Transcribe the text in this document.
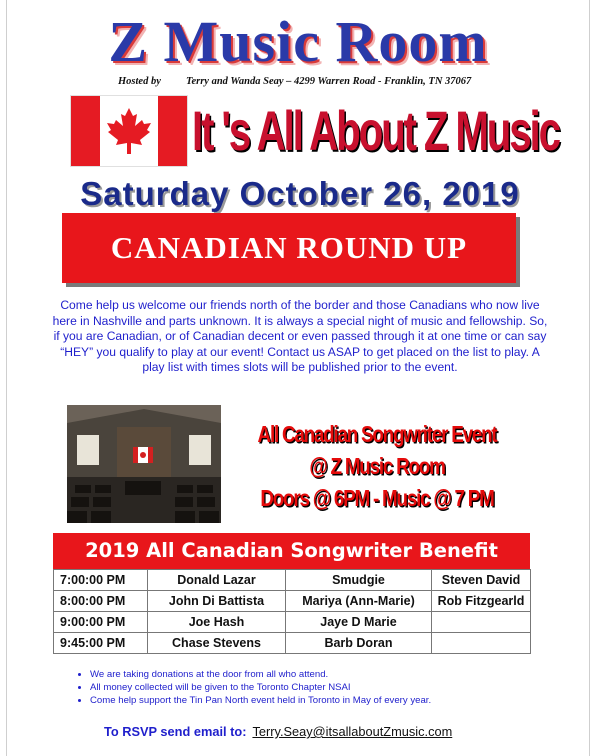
Z Music Room
Hosted by Terry and Wanda Seay – 4299 Warren Road - Franklin, TN 37067
It 's All About Z Music
Saturday October 26, 2019
CANADIAN ROUND UP
Come help us welcome our friends north of the border and those Canadians who now live here in Nashville and parts unknown. It is always a special night of music and fellowship. So, if you are Canadian, or of Canadian decent or even passed through it at one time or can say “HEY” you qualify to play at our event! Contact us ASAP to get placed on the list to play. A play list with times slots will be published prior to the event.
All Canadian Songwriter Event
@ Z Music Room
Doors @ 6PM - Music @ 7 PM
2019 All Canadian Songwriter Benefit
7:00:00 PM	Donald Lazar	Smudgie	Steven David
8:00:00 PM	John Di Battista	Mariya (Ann-Marie)	Rob Fitzgearld
9:00:00 PM	Joe Hash	Jaye D Marie	
9:45:00 PM	Chase Stevens	Barb Doran	
• We are taking donations at the door from all who attend.
• All money collected will be given to the Toronto Chapter NSAI
• Come help support the Tin Pan North event held in Toronto in May of every year.
To RSVP send email to: Terry.Seay@itsallaboutZmusic.com
